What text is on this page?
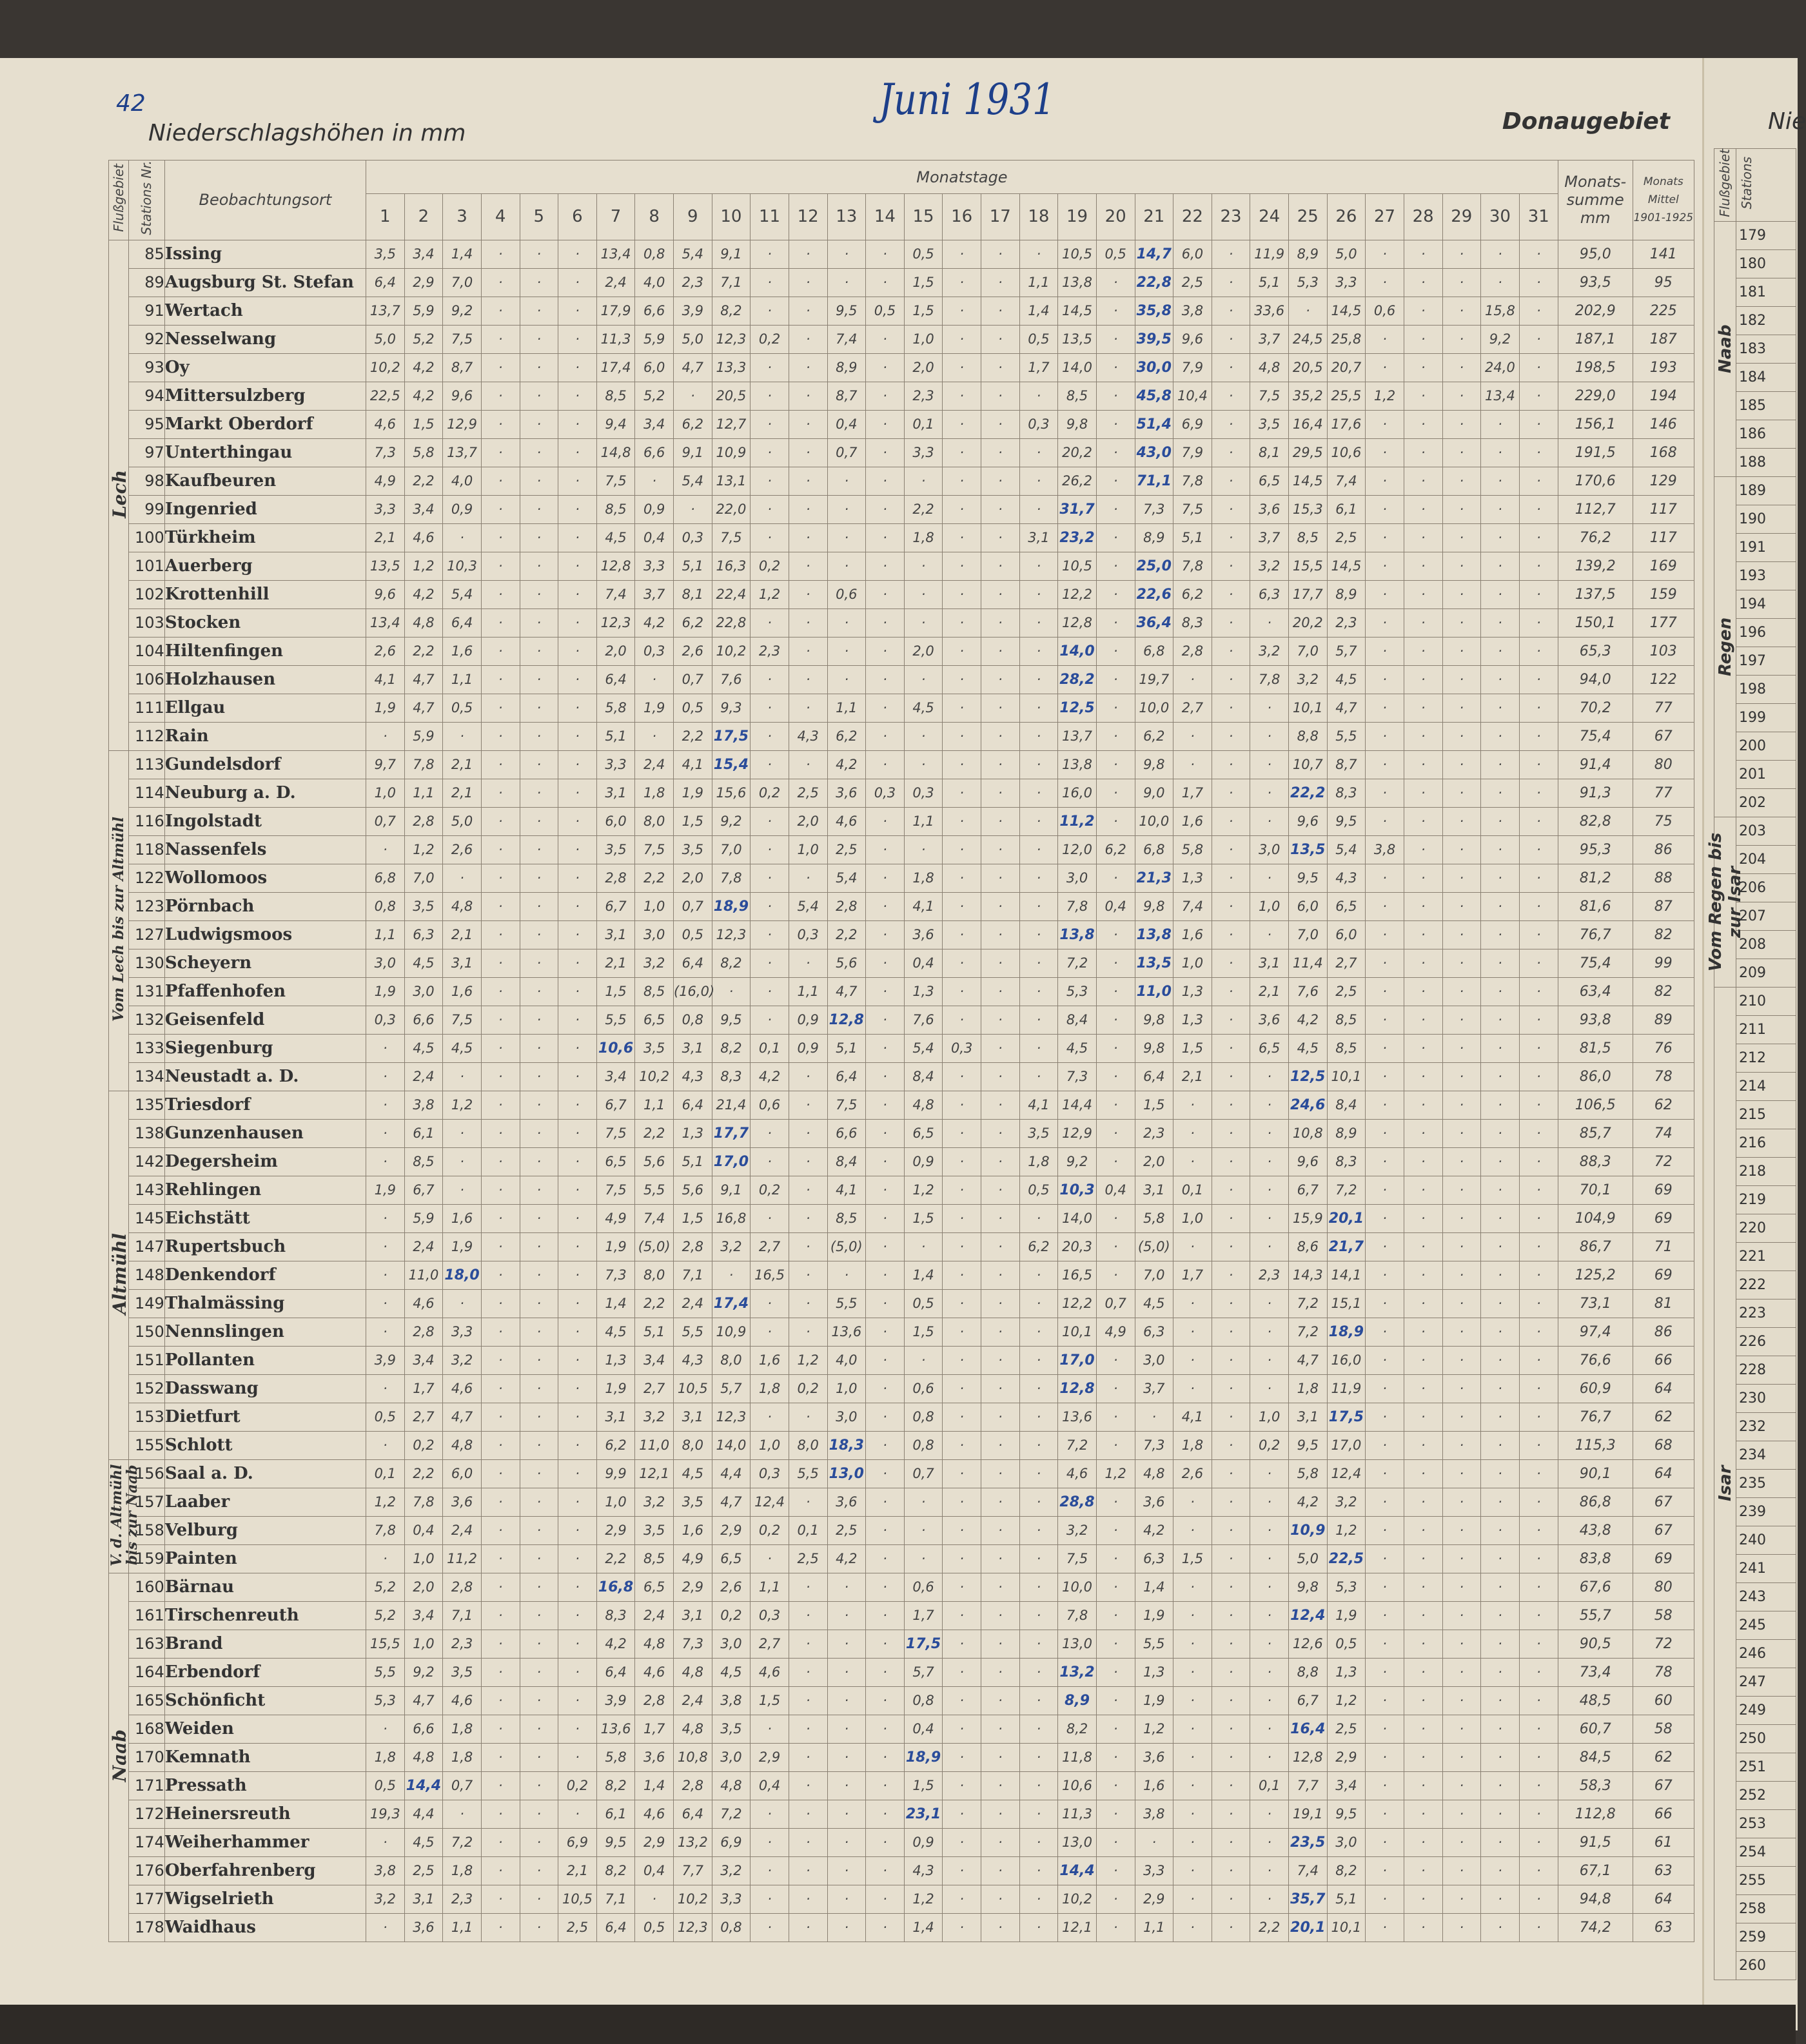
42	Juni 1931
Niederschlagshöhen in mm	Donaugebiet	Nie
Flußgebiet	Stations Nr.	Beobachtungsort	Monatstage																															Monats- summe mm	Monats Mittel 1901-1925

			1	2	3	4	5	6	7	8	9	10	11	12	13	14	15	16	17	18	19	20	21	22	23	24	25	26	27	28	29	30	31		
Lech	85	Issing	3,5	3,4	1,4	·	·	·	13,4	0,8	5,4	9,1	·	·	·	·	0,5	·	·	·	10,5	0,5	14,7	6,0	·	11,9	8,9	5,0	·	·	·	·	·	95,0	141
	89	Augsburg St. Stefan	6,4	2,9	7,0	·	·	·	2,4	4,0	2,3	7,1	·	·	·	·	1,5	·	·	1,1	13,8	·	22,8	2,5	·	5,1	5,3	3,3	·	·	·	·	·	93,5	95
	91	Wertach	13,7	5,9	9,2	·	·	·	17,9	6,6	3,9	8,2	·	·	9,5	0,5	1,5	·	·	1,4	14,5	·	35,8	3,8	·	33,6	·	14,5	0,6	·	·	15,8	·	202,9	225
	92	Nesselwang	5,0	5,2	7,5	·	·	·	11,3	5,9	5,0	12,3	0,2	·	7,4	·	1,0	·	·	0,5	13,5	·	39,5	9,6	·	3,7	24,5	25,8	·	·	·	9,2	·	187,1	187
	93	Oy	10,2	4,2	8,7	·	·	·	17,4	6,0	4,7	13,3	·	·	8,9	·	2,0	·	·	1,7	14,0	·	30,0	7,9	·	4,8	20,5	20,7	·	·	·	24,0	·	198,5	193
	94	Mittersulzberg	22,5	4,2	9,6	·	·	·	8,5	5,2	·	20,5	·	·	8,7	·	2,3	·	·	·	8,5	·	45,8	10,4	·	7,5	35,2	25,5	1,2	·	·	13,4	·	229,0	194
	95	Markt Oberdorf	4,6	1,5	12,9	·	·	·	9,4	3,4	6,2	12,7	·	·	0,4	·	0,1	·	·	0,3	9,8	·	51,4	6,9	·	3,5	16,4	17,6	·	·	·	·	·	156,1	146
	97	Unterthingau	7,3	5,8	13,7	·	·	·	14,8	6,6	9,1	10,9	·	·	0,7	·	3,3	·	·	·	20,2	·	43,0	7,9	·	8,1	29,5	10,6	·	·	·	·	·	191,5	168
	98	Kaufbeuren	4,9	2,2	4,0	·	·	·	7,5	·	5,4	13,1	·	·	·	·	·	·	·	·	26,2	·	71,1	7,8	·	6,5	14,5	7,4	·	·	·	·	·	170,6	129
	99	Ingenried	3,3	3,4	0,9	·	·	·	8,5	0,9	·	22,0	·	·	·	·	2,2	·	·	·	31,7	·	7,3	7,5	·	3,6	15,3	6,1	·	·	·	·	·	112,7	117
	100	Türkheim	2,1	4,6	·	·	·	·	4,5	0,4	0,3	7,5	·	·	·	·	1,8	·	·	3,1	23,2	·	8,9	5,1	·	3,7	8,5	2,5	·	·	·	·	·	76,2	117
	101	Auerberg	13,5	1,2	10,3	·	·	·	12,8	3,3	5,1	16,3	0,2	·	·	·	·	·	·	·	10,5	·	25,0	7,8	·	3,2	15,5	14,5	·	·	·	·	·	139,2	169
	102	Krottenhill	9,6	4,2	5,4	·	·	·	7,4	3,7	8,1	22,4	1,2	·	0,6	·	·	·	·	·	12,2	·	22,6	6,2	·	6,3	17,7	8,9	·	·	·	·	·	137,5	159
	103	Stocken	13,4	4,8	6,4	·	·	·	12,3	4,2	6,2	22,8	·	·	·	·	·	·	·	·	12,8	·	36,4	8,3	·	·	20,2	2,3	·	·	·	·	·	150,1	177
	104	Hiltenfingen	2,6	2,2	1,6	·	·	·	2,0	0,3	2,6	10,2	2,3	·	·	·	2,0	·	·	·	14,0	·	6,8	2,8	·	3,2	7,0	5,7	·	·	·	·	·	65,3	103
	106	Holzhausen	4,1	4,7	1,1	·	·	·	6,4	·	0,7	7,6	·	·	·	·	·	·	·	·	28,2	·	19,7	·	·	7,8	3,2	4,5	·	·	·	·	·	94,0	122
	111	Ellgau	1,9	4,7	0,5	·	·	·	5,8	1,9	0,5	9,3	·	·	1,1	·	4,5	·	·	·	12,5	·	10,0	2,7	·	·	10,1	4,7	·	·	·	·	·	70,2	77
	112	Rain	·	5,9	·	·	·	·	5,1	·	2,2	17,5	·	4,3	6,2	·	·	·	·	·	13,7	·	6,2	·	·	·	8,8	5,5	·	·	·	·	·	75,4	67
Vom Lech bis zur Altmühl	113	Gundelsdorf	9,7	7,8	2,1	·	·	·	3,3	2,4	4,1	15,4	·	·	4,2	·	·	·	·	·	13,8	·	9,8	·	·	·	10,7	8,7	·	·	·	·	·	91,4	80
	114	Neuburg a. D.	1,0	1,1	2,1	·	·	·	3,1	1,8	1,9	15,6	0,2	2,5	3,6	0,3	0,3	·	·	·	16,0	·	9,0	1,7	·	·	22,2	8,3	·	·	·	·	·	91,3	77
	116	Ingolstadt	0,7	2,8	5,0	·	·	·	6,0	8,0	1,5	9,2	·	2,0	4,6	·	1,1	·	·	·	11,2	·	10,0	1,6	·	·	9,6	9,5	·	·	·	·	·	82,8	75
	118	Nassenfels	·	1,2	2,6	·	·	·	3,5	7,5	3,5	7,0	·	1,0	2,5	·	·	·	·	·	12,0	6,2	6,8	5,8	·	3,0	13,5	5,4	3,8	·	·	·	·	95,3	86
	122	Wollomoos	6,8	7,0	·	·	·	·	2,8	2,2	2,0	7,8	·	·	5,4	·	1,8	·	·	·	3,0	·	21,3	1,3	·	·	9,5	4,3	·	·	·	·	·	81,2	88
	123	Pörnbach	0,8	3,5	4,8	·	·	·	6,7	1,0	0,7	18,9	·	5,4	2,8	·	4,1	·	·	·	7,8	0,4	9,8	7,4	·	1,0	6,0	6,5	·	·	·	·	·	81,6	87
	127	Ludwigsmoos	1,1	6,3	2,1	·	·	·	3,1	3,0	0,5	12,3	·	0,3	2,2	·	3,6	·	·	·	13,8	·	13,8	1,6	·	·	7,0	6,0	·	·	·	·	·	76,7	82
	130	Scheyern	3,0	4,5	3,1	·	·	·	2,1	3,2	6,4	8,2	·	·	5,6	·	0,4	·	·	·	7,2	·	13,5	1,0	·	3,1	11,4	2,7	·	·	·	·	·	75,4	99
	131	Pfaffenhofen	1,9	3,0	1,6	·	·	·	1,5	8,5	(16,0)	·	·	1,1	4,7	·	1,3	·	·	·	5,3	·	11,0	1,3	·	2,1	7,6	2,5	·	·	·	·	·	63,4	82
	132	Geisenfeld	0,3	6,6	7,5	·	·	·	5,5	6,5	0,8	9,5	·	0,9	12,8	·	7,6	·	·	·	8,4	·	9,8	1,3	·	3,6	4,2	8,5	·	·	·	·	·	93,8	89
	133	Siegenburg	·	4,5	4,5	·	·	·	10,6	3,5	3,1	8,2	0,1	0,9	5,1	·	5,4	0,3	·	·	4,5	·	9,8	1,5	·	6,5	4,5	8,5	·	·	·	·	·	81,5	76
	134	Neustadt a. D.	·	2,4	·	·	·	·	3,4	10,2	4,3	8,3	4,2	·	6,4	·	8,4	·	·	·	7,3	·	6,4	2,1	·	·	12,5	10,1	·	·	·	·	·	86,0	78
Altmühl	135	Triesdorf	·	3,8	1,2	·	·	·	6,7	1,1	6,4	21,4	0,6	·	7,5	·	4,8	·	·	4,1	14,4	·	1,5	·	·	·	24,6	8,4	·	·	·	·	·	106,5	62
	138	Gunzenhausen	·	6,1	·	·	·	·	7,5	2,2	1,3	17,7	·	·	6,6	·	6,5	·	·	3,5	12,9	·	2,3	·	·	·	10,8	8,9	·	·	·	·	·	85,7	74
	142	Degersheim	·	8,5	·	·	·	·	6,5	5,6	5,1	17,0	·	·	8,4	·	0,9	·	·	1,8	9,2	·	2,0	·	·	·	9,6	8,3	·	·	·	·	·	88,3	72
	143	Rehlingen	1,9	6,7	·	·	·	·	7,5	5,5	5,6	9,1	0,2	·	4,1	·	1,2	·	·	0,5	10,3	0,4	3,1	0,1	·	·	6,7	7,2	·	·	·	·	·	70,1	69
	145	Eichstätt	·	5,9	1,6	·	·	·	4,9	7,4	1,5	16,8	·	·	8,5	·	1,5	·	·	·	14,0	·	5,8	1,0	·	·	15,9	20,1	·	·	·	·	·	104,9	69
	147	Rupertsbuch	·	2,4	1,9	·	·	·	1,9	(5,0)	2,8	3,2	2,7	·	(5,0)	·	·	·	·	6,2	20,3	·	(5,0)	·	·	·	8,6	21,7	·	·	·	·	·	86,7	71
	148	Denkendorf	·	11,0	18,0	·	·	·	7,3	8,0	7,1	·	16,5	·	·	·	1,4	·	·	·	16,5	·	7,0	1,7	·	2,3	14,3	14,1	·	·	·	·	·	125,2	69
	149	Thalmässing	·	4,6	·	·	·	·	1,4	2,2	2,4	17,4	·	·	5,5	·	0,5	·	·	·	12,2	0,7	4,5	·	·	·	7,2	15,1	·	·	·	·	·	73,1	81
	150	Nennslingen	·	2,8	3,3	·	·	·	4,5	5,1	5,5	10,9	·	·	13,6	·	1,5	·	·	·	10,1	4,9	6,3	·	·	·	7,2	18,9	·	·	·	·	·	97,4	86
	151	Pollanten	3,9	3,4	3,2	·	·	·	1,3	3,4	4,3	8,0	1,6	1,2	4,0	·	·	·	·	·	17,0	·	3,0	·	·	·	4,7	16,0	·	·	·	·	·	76,6	66
	152	Dasswang	·	1,7	4,6	·	·	·	1,9	2,7	10,5	5,7	1,8	0,2	1,0	·	0,6	·	·	·	12,8	·	3,7	·	·	·	1,8	11,9	·	·	·	·	·	60,9	64
	153	Dietfurt	0,5	2,7	4,7	·	·	·	3,1	3,2	3,1	12,3	·	·	3,0	·	0,8	·	·	·	13,6	·	·	4,1	·	1,0	3,1	17,5	·	·	·	·	·	76,7	62
	155	Schlott	·	0,2	4,8	·	·	·	6,2	11,0	8,0	14,0	1,0	8,0	18,3	·	0,8	·	·	·	7,2	·	7,3	1,8	·	0,2	9,5	17,0	·	·	·	·	·	115,3	68
V. d. Altmühl bis zur Naab	156	Saal a. D.	0,1	2,2	6,0	·	·	·	9,9	12,1	4,5	4,4	0,3	5,5	13,0	·	0,7	·	·	·	4,6	1,2	4,8	2,6	·	·	5,8	12,4	·	·	·	·	·	90,1	64
	157	Laaber	1,2	7,8	3,6	·	·	·	1,0	3,2	3,5	4,7	12,4	·	3,6	·	·	·	·	·	28,8	·	3,6	·	·	·	4,2	3,2	·	·	·	·	·	86,8	67
	158	Velburg	7,8	0,4	2,4	·	·	·	2,9	3,5	1,6	2,9	0,2	0,1	2,5	·	·	·	·	·	3,2	·	4,2	·	·	·	10,9	1,2	·	·	·	·	·	43,8	67
	159	Painten	·	1,0	11,2	·	·	·	2,2	8,5	4,9	6,5	·	2,5	4,2	·	·	·	·	·	7,5	·	6,3	1,5	·	·	5,0	22,5	·	·	·	·	·	83,8	69
Naab	160	Bärnau	5,2	2,0	2,8	·	·	·	16,8	6,5	2,9	2,6	1,1	·	·	·	0,6	·	·	·	10,0	·	1,4	·	·	·	9,8	5,3	·	·	·	·	·	67,6	80
	161	Tirschenreuth	5,2	3,4	7,1	·	·	·	8,3	2,4	3,1	0,2	0,3	·	·	·	1,7	·	·	·	7,8	·	1,9	·	·	·	12,4	1,9	·	·	·	·	·	55,7	58
	163	Brand	15,5	1,0	2,3	·	·	·	4,2	4,8	7,3	3,0	2,7	·	·	·	17,5	·	·	·	13,0	·	5,5	·	·	·	12,6	0,5	·	·	·	·	·	90,5	72
	164	Erbendorf	5,5	9,2	3,5	·	·	·	6,4	4,6	4,8	4,5	4,6	·	·	·	5,7	·	·	·	13,2	·	1,3	·	·	·	8,8	1,3	·	·	·	·	·	73,4	78
	165	Schönficht	5,3	4,7	4,6	·	·	·	3,9	2,8	2,4	3,8	1,5	·	·	·	0,8	·	·	·	8,9	·	1,9	·	·	·	6,7	1,2	·	·	·	·	·	48,5	60
	168	Weiden	·	6,6	1,8	·	·	·	13,6	1,7	4,8	3,5	·	·	·	·	0,4	·	·	·	8,2	·	1,2	·	·	·	16,4	2,5	·	·	·	·	·	60,7	58
	170	Kemnath	1,8	4,8	1,8	·	·	·	5,8	3,6	10,8	3,0	2,9	·	·	·	18,9	·	·	·	11,8	·	3,6	·	·	·	12,8	2,9	·	·	·	·	·	84,5	62
	171	Pressath	0,5	14,4	0,7	·	·	0,2	8,2	1,4	2,8	4,8	0,4	·	·	·	1,5	·	·	·	10,6	·	1,6	·	·	0,1	7,7	3,4	·	·	·	·	·	58,3	67
	172	Heinersreuth	19,3	4,4	·	·	·	·	6,1	4,6	6,4	7,2	·	·	·	·	23,1	·	·	·	11,3	·	3,8	·	·	·	19,1	9,5	·	·	·	·	·	112,8	66
	174	Weiherhammer	·	4,5	7,2	·	·	6,9	9,5	2,9	13,2	6,9	·	·	·	·	0,9	·	·	·	13,0	·	·	·	·	·	23,5	3,0	·	·	·	·	·	91,5	61
	176	Oberfahrenberg	3,8	2,5	1,8	·	·	2,1	8,2	0,4	7,7	3,2	·	·	·	·	4,3	·	·	·	14,4	·	3,3	·	·	·	7,4	8,2	·	·	·	·	·	67,1	63
	177	Wigselrieth	3,2	3,1	2,3	·	·	10,5	7,1	·	10,2	3,3	·	·	·	·	1,2	·	·	·	10,2	·	2,9	·	·	·	35,7	5,1	·	·	·	·	·	94,8	64
	178	Waidhaus	·	3,6	1,1	·	·	2,5	6,4	0,5	12,3	0,8	·	·	·	·	1,4	·	·	·	12,1	·	1,1	·	·	2,2	20,1	10,1	·	·	·	·	·	74,2	63
Flußgebiet	Stations
Naab	179
	180
	181
	182
	183
	184
	185
	186
	188
Regen	189
	190
	191
	193
	194
	196
	197
	198
	199
	200
	201
	202
Vom Regen bis zur Isar	203
	204
	206
	207
	208
	209
Isar	210
	211
	212
	214
	215
	216
	218
	219
	220
	221
	222
	223
	226
	228
	230
	232
	234
	235
	239
	240
	241
	243
	245
	246
	247
	249
	250
	251
	252
	253
	254
	255
	258
	259
	260
